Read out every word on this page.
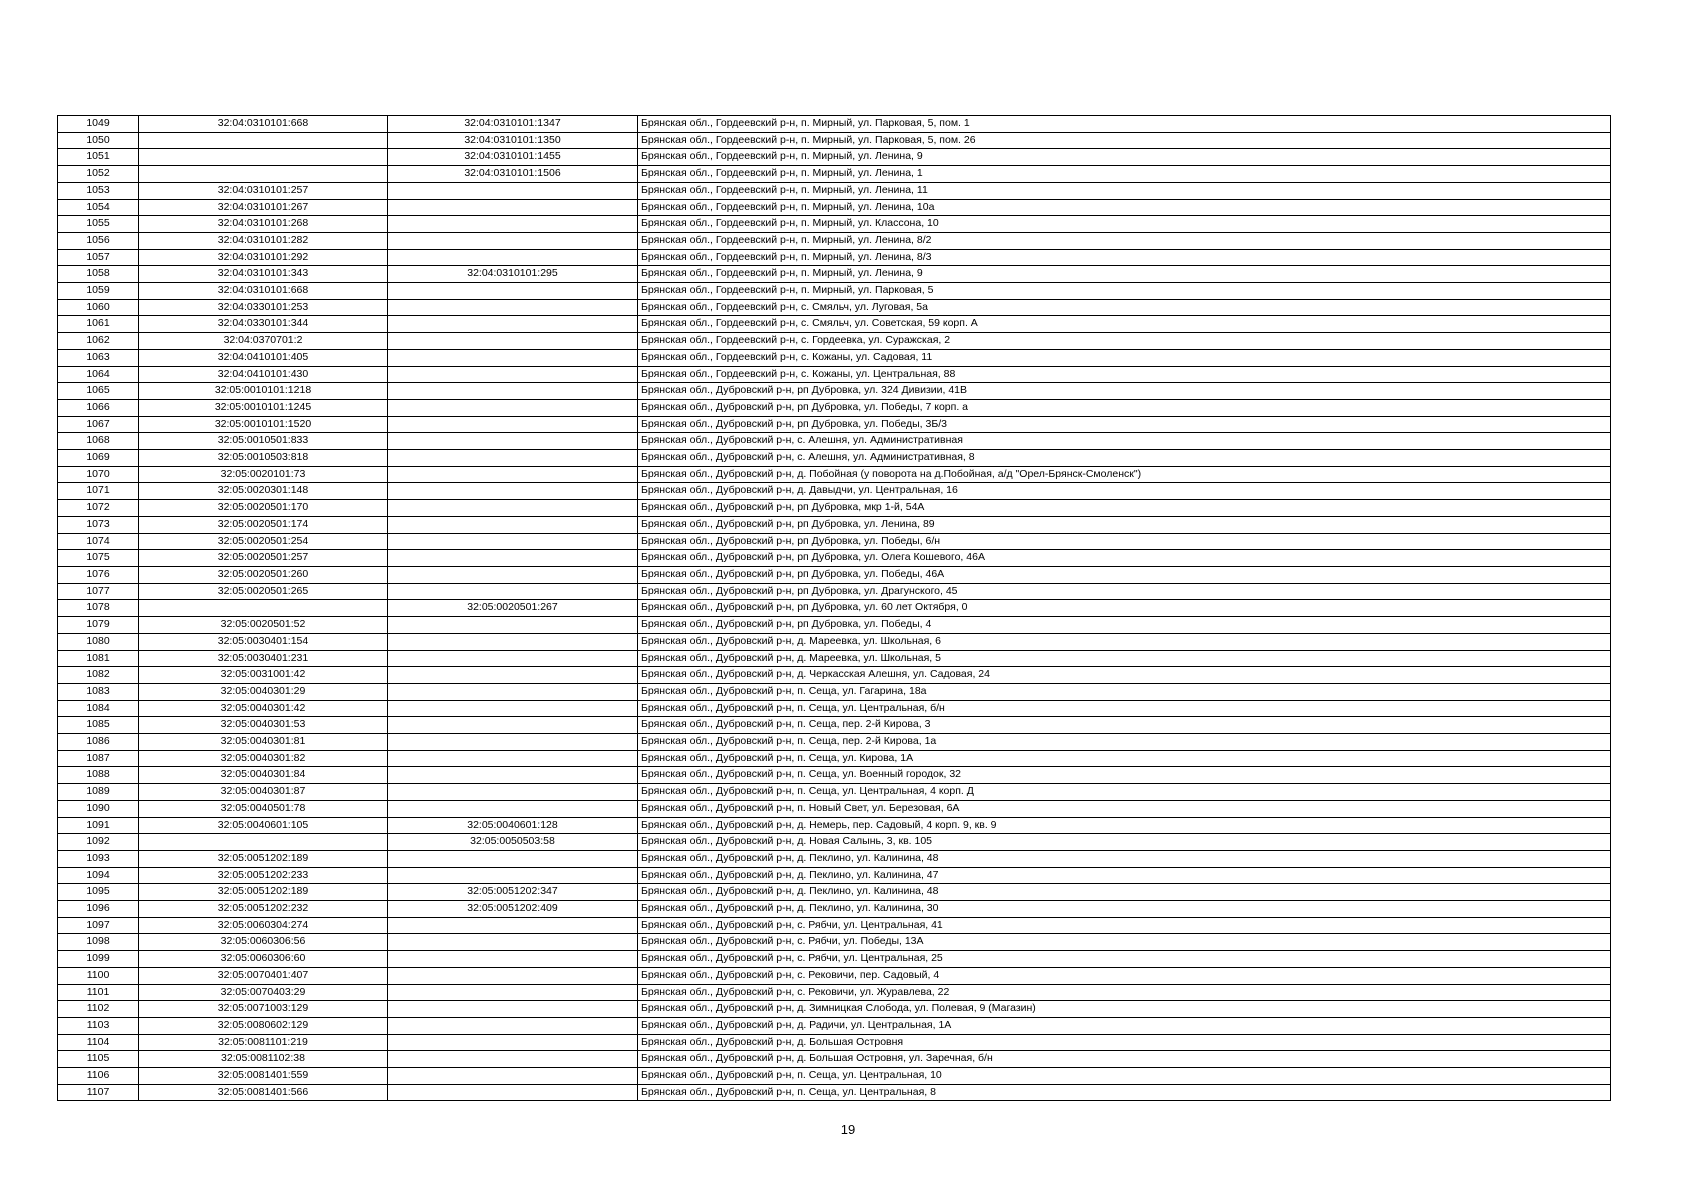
1049	32:04:0310101:668	32:04:0310101:1347	Брянская обл., Гордеевский р-н, п. Мирный, ул. Парковая, 5, пом. 1
1050		32:04:0310101:1350	Брянская обл., Гордеевский р-н, п. Мирный, ул. Парковая, 5, пом. 26
1051		32:04:0310101:1455	Брянская обл., Гордеевский р-н, п. Мирный, ул. Ленина, 9
1052		32:04:0310101:1506	Брянская обл., Гордеевский р-н, п. Мирный, ул. Ленина, 1
1053	32:04:0310101:257		Брянская обл., Гордеевский р-н, п. Мирный, ул. Ленина, 11
1054	32:04:0310101:267		Брянская обл., Гордеевский р-н, п. Мирный, ул. Ленина, 10а
1055	32:04:0310101:268		Брянская обл., Гордеевский р-н, п. Мирный, ул. Классона, 10
1056	32:04:0310101:282		Брянская обл., Гордеевский р-н, п. Мирный, ул. Ленина, 8/2
1057	32:04:0310101:292		Брянская обл., Гордеевский р-н, п. Мирный, ул. Ленина, 8/3
1058	32:04:0310101:343	32:04:0310101:295	Брянская обл., Гордеевский р-н, п. Мирный, ул. Ленина, 9
1059	32:04:0310101:668		Брянская обл., Гордеевский р-н, п. Мирный, ул. Парковая, 5
1060	32:04:0330101:253		Брянская обл., Гордеевский р-н, с. Смяльч, ул. Луговая, 5а
1061	32:04:0330101:344		Брянская обл., Гордеевский р-н, с. Смяльч, ул. Советская, 59 корп. А
1062	32:04:0370701:2		Брянская обл., Гордеевский р-н, с. Гордеевка, ул. Суражская, 2
1063	32:04:0410101:405		Брянская обл., Гордеевский р-н, с. Кожаны, ул. Садовая, 11
1064	32:04:0410101:430		Брянская обл., Гордеевский р-н, с. Кожаны, ул. Центральная, 88
1065	32:05:0010101:1218		Брянская обл., Дубровский р-н, рп Дубровка, ул. 324 Дивизии, 41В
1066	32:05:0010101:1245		Брянская обл., Дубровский р-н, рп Дубровка, ул. Победы, 7 корп. а
1067	32:05:0010101:1520		Брянская обл., Дубровский р-н, рп Дубровка, ул. Победы, 3Б/3
1068	32:05:0010501:833		Брянская обл., Дубровский р-н, с. Алешня, ул. Административная
1069	32:05:0010503:818		Брянская обл., Дубровский р-н, с. Алешня, ул. Административная, 8
1070	32:05:0020101:73		Брянская обл., Дубровский р-н, д. Побойная (у поворота на д.Побойная, а/д "Орел-Брянск-Смоленск")
1071	32:05:0020301:148		Брянская обл., Дубровский р-н, д. Давыдчи, ул. Центральная, 16
1072	32:05:0020501:170		Брянская обл., Дубровский р-н, рп Дубровка, мкр 1-й, 54А
1073	32:05:0020501:174		Брянская обл., Дубровский р-н, рп Дубровка, ул. Ленина, 89
1074	32:05:0020501:254		Брянская обл., Дубровский р-н, рп Дубровка, ул. Победы, 6/н
1075	32:05:0020501:257		Брянская обл., Дубровский р-н, рп Дубровка, ул. Олега Кошевого, 46А
1076	32:05:0020501:260		Брянская обл., Дубровский р-н, рп Дубровка, ул. Победы, 46А
1077	32:05:0020501:265		Брянская обл., Дубровский р-н, рп Дубровка, ул. Драгунского, 45
1078		32:05:0020501:267	Брянская обл., Дубровский р-н, рп Дубровка, ул. 60 лет Октября, 0
1079	32:05:0020501:52		Брянская обл., Дубровский р-н, рп Дубровка, ул. Победы, 4
1080	32:05:0030401:154		Брянская обл., Дубровский р-н, д. Мареевка, ул. Школьная, 6
1081	32:05:0030401:231		Брянская обл., Дубровский р-н, д. Мареевка, ул. Школьная, 5
1082	32:05:0031001:42		Брянская обл., Дубровский р-н, д. Черкасская Алешня, ул. Садовая, 24
1083	32:05:0040301:29		Брянская обл., Дубровский р-н, п. Сеща, ул. Гагарина, 18а
1084	32:05:0040301:42		Брянская обл., Дубровский р-н, п. Сеща, ул. Центральная, б/н
1085	32:05:0040301:53		Брянская обл., Дубровский р-н, п. Сеща, пер. 2-й Кирова, 3
1086	32:05:0040301:81		Брянская обл., Дубровский р-н, п. Сеща, пер. 2-й Кирова, 1а
1087	32:05:0040301:82		Брянская обл., Дубровский р-н, п. Сеща, ул. Кирова, 1А
1088	32:05:0040301:84		Брянская обл., Дубровский р-н, п. Сеща, ул. Военный городок, 32
1089	32:05:0040301:87		Брянская обл., Дубровский р-н, п. Сеща, ул. Центральная, 4 корп. Д
1090	32:05:0040501:78		Брянская обл., Дубровский р-н, п. Новый Свет, ул. Березовая, 6А
1091	32:05:0040601:105	32:05:0040601:128	Брянская обл., Дубровский р-н, д. Немерь, пер. Садовый, 4 корп. 9, кв. 9
1092		32:05:0050503:58	Брянская обл., Дубровский р-н, д. Новая Салынь, 3, кв. 105
1093	32:05:0051202:189		Брянская обл., Дубровский р-н, д. Пеклино, ул. Калинина, 48
1094	32:05:0051202:233		Брянская обл., Дубровский р-н, д. Пеклино, ул. Калинина, 47
1095	32:05:0051202:189	32:05:0051202:347	Брянская обл., Дубровский р-н, д. Пеклино, ул. Калинина, 48
1096	32:05:0051202:232	32:05:0051202:409	Брянская обл., Дубровский р-н, д. Пеклино, ул. Калинина, 30
1097	32:05:0060304:274		Брянская обл., Дубровский р-н, с. Рябчи, ул. Центральная, 41
1098	32:05:0060306:56		Брянская обл., Дубровский р-н, с. Рябчи, ул. Победы, 13А
1099	32:05:0060306:60		Брянская обл., Дубровский р-н, с. Рябчи, ул. Центральная, 25
1100	32:05:0070401:407		Брянская обл., Дубровский р-н, с. Рековичи, пер. Садовый, 4
1101	32:05:0070403:29		Брянская обл., Дубровский р-н, с. Рековичи, ул. Журавлева, 22
1102	32:05:0071003:129		Брянская обл., Дубровский р-н, д. Зимницкая Слобода, ул. Полевая, 9 (Магазин)
1103	32:05:0080602:129		Брянская обл., Дубровский р-н, д. Радичи, ул. Центральная, 1А
1104	32:05:0081101:219		Брянская обл., Дубровский р-н, д. Большая Островня
1105	32:05:0081102:38		Брянская обл., Дубровский р-н, д. Большая Островня, ул. Заречная, б/н
1106	32:05:0081401:559		Брянская обл., Дубровский р-н, п. Сеща, ул. Центральная, 10
1107	32:05:0081401:566		Брянская обл., Дубровский р-н, п. Сеща, ул. Центральная, 8
19
